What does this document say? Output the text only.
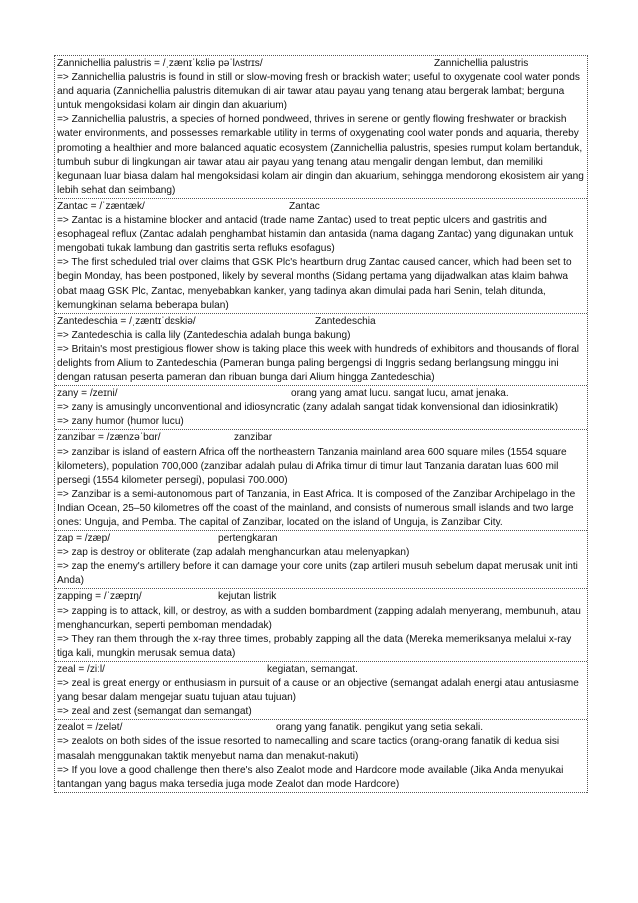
Zannichellia palustris = /ˌzænɪˈkɛliə pəˈlʌstrɪs/	Zannichellia palustris
=> Zannichellia palustris is found in still or slow-moving fresh or brackish water; useful to oxygenate cool water ponds and aquaria (Zannichellia palustris ditemukan di air tawar atau payau yang tenang atau bergerak lambat; berguna untuk mengoksidasi kolam air dingin dan akuarium)
=> Zannichellia palustris, a species of horned pondweed, thrives in serene or gently flowing freshwater or brackish water environments, and possesses remarkable utility in terms of oxygenating cool water ponds and aquaria, thereby promoting a healthier and more balanced aquatic ecosystem (Zannichellia palustris, spesies rumput kolam bertanduk, tumbuh subur di lingkungan air tawar atau air payau yang tenang atau mengalir dengan lembut, dan memiliki kegunaan luar biasa dalam hal mengoksidasi kolam air dingin dan akuarium, sehingga mendorong ekosistem air yang lebih sehat dan seimbang)
Zantac = /ˈzæntæk/	Zantac
=> Zantac is a histamine blocker and antacid (trade name Zantac) used to treat peptic ulcers and gastritis and esophageal reflux (Zantac adalah penghambat histamin dan antasida (nama dagang Zantac) yang digunakan untuk mengobati tukak lambung dan gastritis serta refluks esofagus)
=> The first scheduled trial over claims that GSK Plc's heartburn drug Zantac caused cancer, which had been set to begin Monday, has been postponed, likely by several months (Sidang pertama yang dijadwalkan atas klaim bahwa obat maag GSK Plc, Zantac, menyebabkan kanker, yang tadinya akan dimulai pada hari Senin, telah ditunda, kemungkinan selama beberapa bulan)
Zantedeschia = /ˌzæntɪˈdɛskiə/	Zantedeschia
=> Zantedeschia is calla lily (Zantedeschia adalah bunga bakung)
=> Britain's most prestigious flower show is taking place this week with hundreds of exhibitors and thousands of floral delights from Alium to Zantedeschia (Pameran bunga paling bergengsi di Inggris sedang berlangsung minggu ini dengan ratusan peserta pameran dan ribuan bunga dari Alium hingga Zantedeschia)
zany = /zeɪni/	orang yang amat lucu. sangat lucu, amat jenaka.
=> zany is amusingly unconventional and idiosyncratic (zany adalah sangat tidak konvensional dan idiosinkratik)
=> zany humor (humor lucu)
zanzibar = /zænzəˈbɑr/	zanzibar
=> zanzibar is island of eastern Africa off the northeastern Tanzania mainland area 600 square miles (1554 square kilometers), population 700,000 (zanzibar adalah pulau di Afrika timur di timur laut Tanzania daratan luas 600 mil persegi (1554 kilometer persegi), populasi 700.000)
=> Zanzibar is a semi-autonomous part of Tanzania, in East Africa. It is composed of the Zanzibar Archipelago in the Indian Ocean, 25–50 kilometres off the coast of the mainland, and consists of numerous small islands and two large ones: Unguja, and Pemba. The capital of Zanzibar, located on the island of Unguja, is Zanzibar City.
zap = /zæp/	pertengkaran
=> zap is destroy or obliterate (zap adalah menghancurkan atau melenyapkan)
=> zap the enemy's artillery before it can damage your core units (zap artileri musuh sebelum dapat merusak unit inti Anda)
zapping = /ˈzæpɪŋ/	kejutan listrik
=> zapping is to attack, kill, or destroy, as with a sudden bombardment (zapping adalah menyerang, membunuh, atau menghancurkan, seperti pemboman mendadak)
=> They ran them through the x-ray three times, probably zapping all the data (Mereka memeriksanya melalui x-ray tiga kali, mungkin merusak semua data)
zeal = /ziːl/	kegiatan, semangat.
=> zeal is great energy or enthusiasm in pursuit of a cause or an objective (semangat adalah energi atau antusiasme yang besar dalam mengejar suatu tujuan atau tujuan)
=> zeal and zest (semangat dan semangat)
zealot = /zelət/	orang yang fanatik. pengikut yang setia sekali.
=> zealots on both sides of the issue resorted to namecalling and scare tactics (orang-orang fanatik di kedua sisi masalah menggunakan taktik menyebut nama dan menakut-nakuti)
=> If you love a good challenge then there's also Zealot mode and Hardcore mode available (Jika Anda menyukai tantangan yang bagus maka tersedia juga mode Zealot dan mode Hardcore)
